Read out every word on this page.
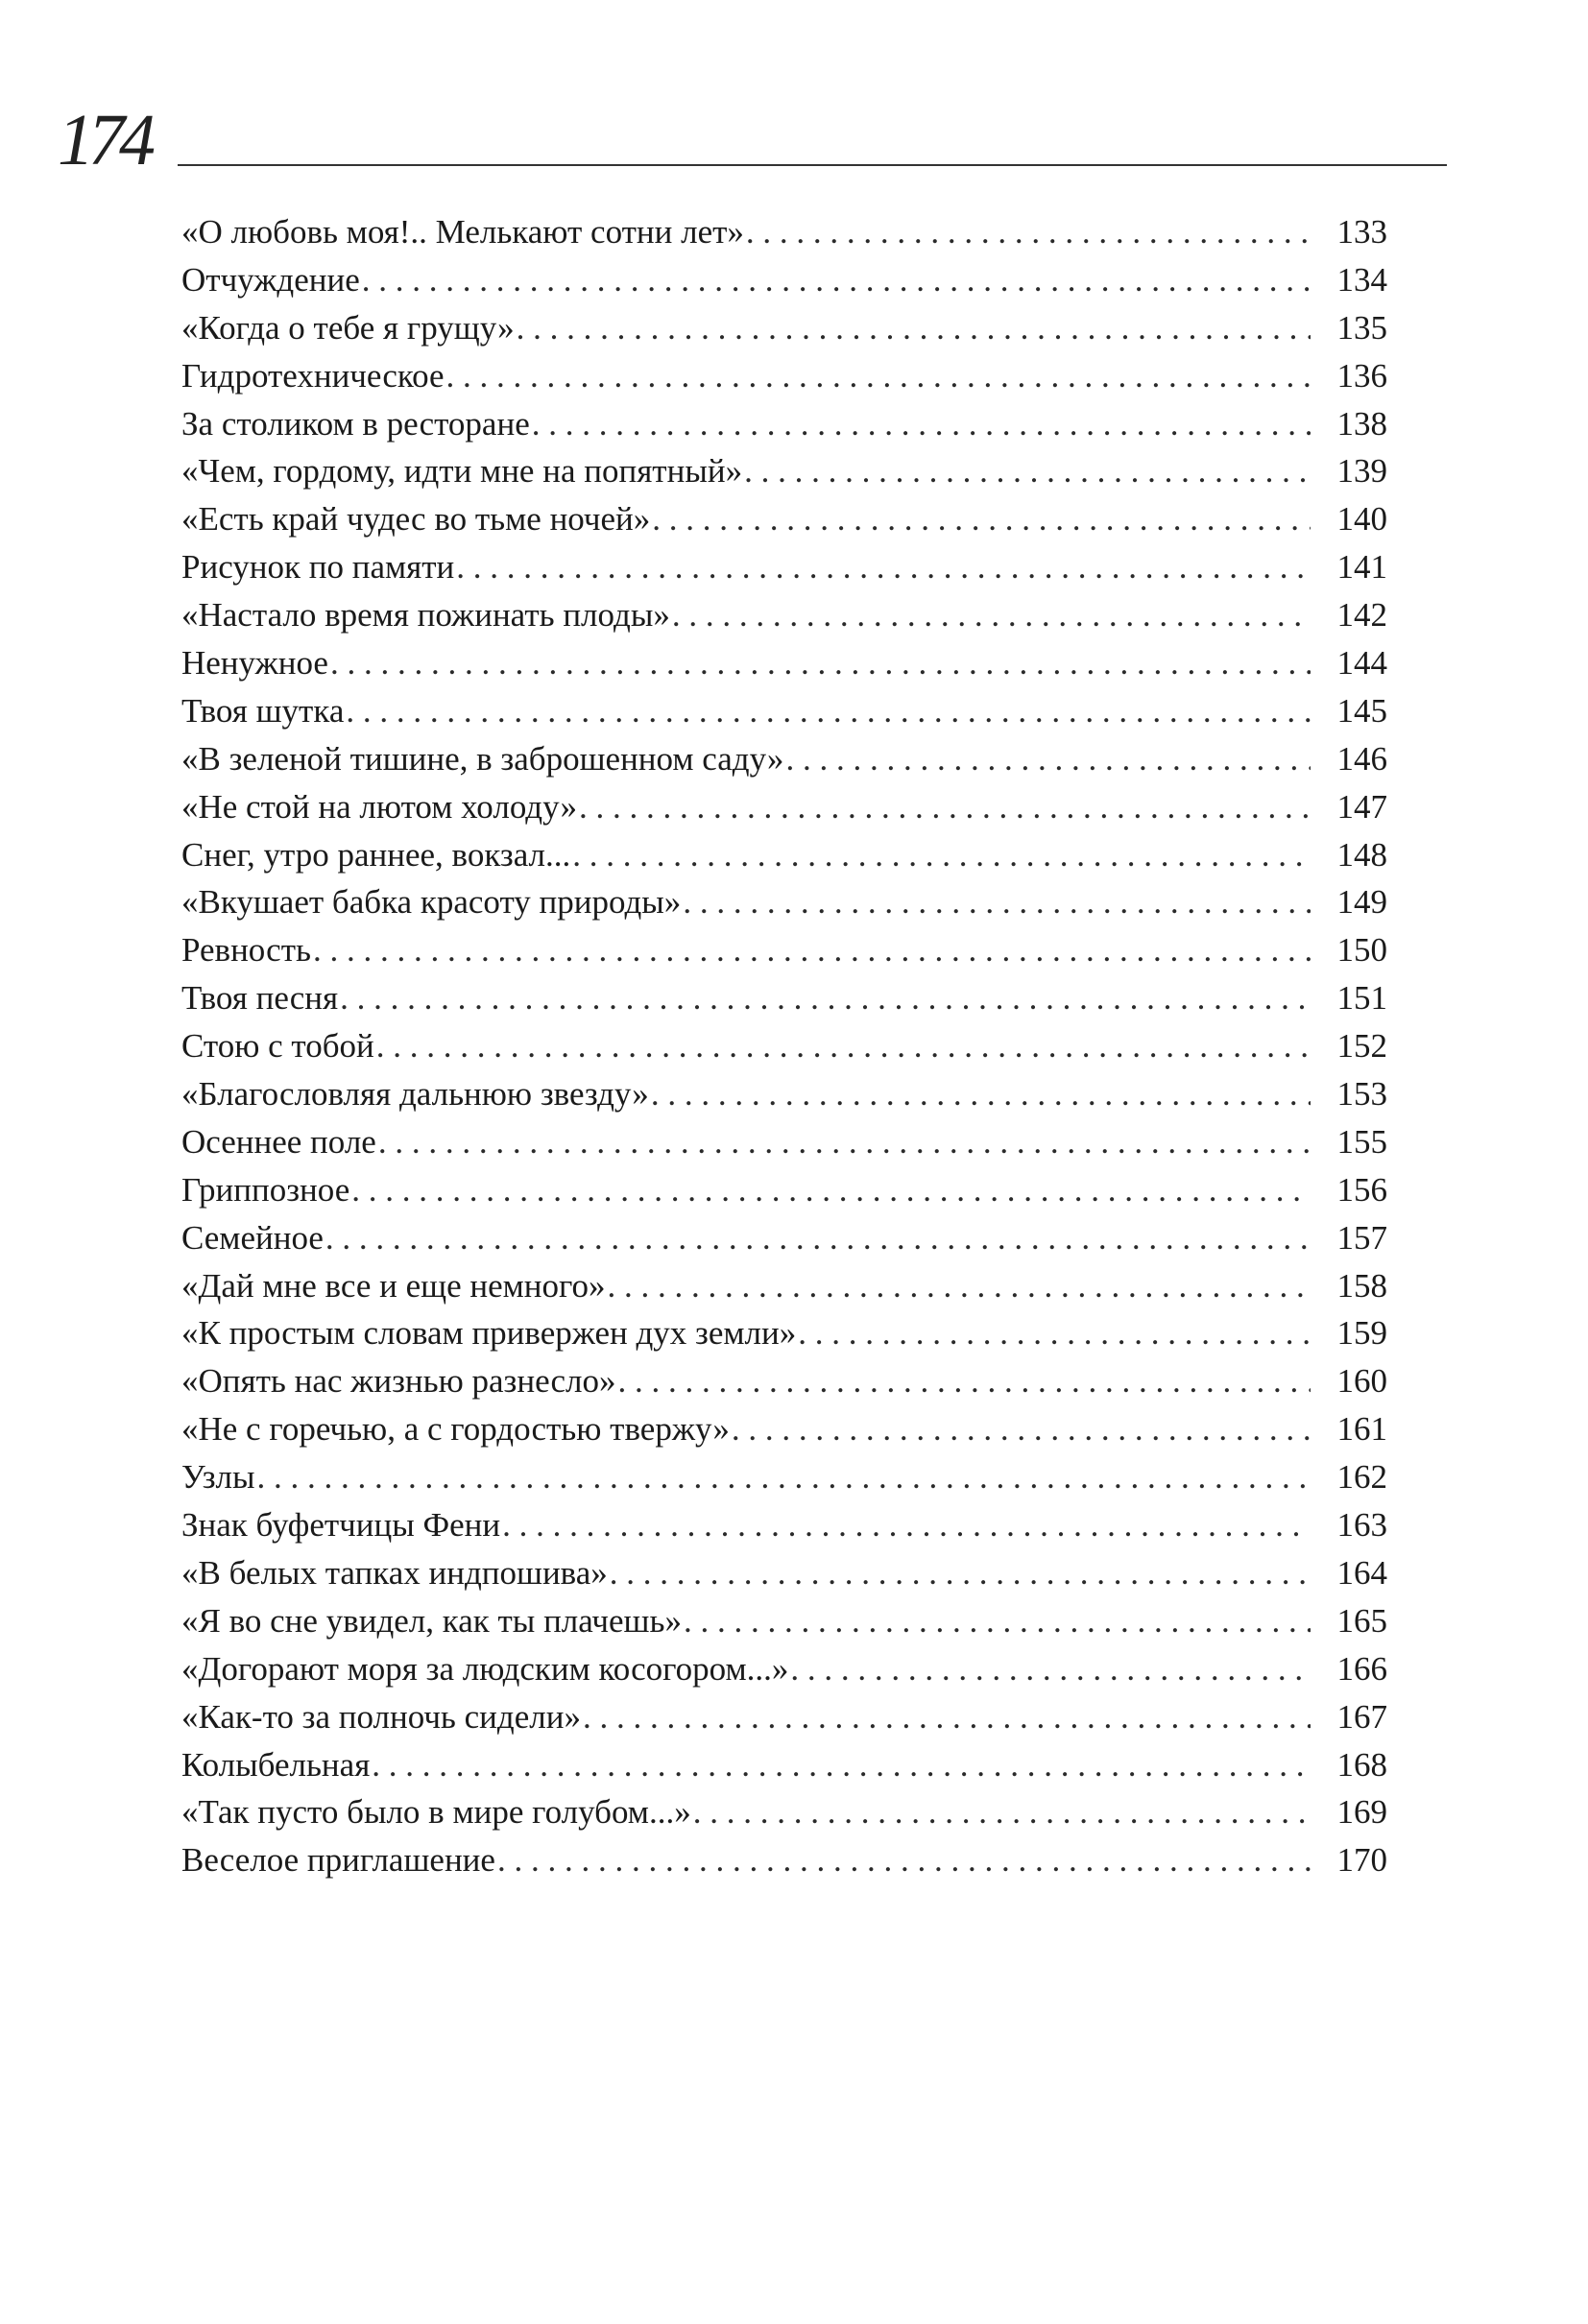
174
«О любовь моя!.. Мелькают сотни лет» . . .	133
Отчуждение . . .	134
«Когда о тебе я грущу» . . .	135
Гидротехническое . . .	136
За столиком в ресторане . . .	138
«Чем, гордому, идти мне на попятный» . . .	139
«Есть край чудес во тьме ночей» . . .	140
Рисунок по памяти . . .	141
«Настало время пожинать плоды» . . .	142
Ненужное . . .	144
Твоя шутка . . .	145
«В зеленой тишине, в заброшенном саду» . . .	146
«Не стой на лютом холоду» . . .	147
Снег, утро раннее, вокзал... . . .	148
«Вкушает бабка красоту природы» . . .	149
Ревность . . .	150
Твоя песня . . .	151
Стою с тобой . . .	152
«Благословляя дальнюю звезду» . . .	153
Осеннее поле . . .	155
Гриппозное . . .	156
Семейное . . .	157
«Дай мне все и еще немного» . . .	158
«К простым словам привержен дух земли» . . .	159
«Опять нас жизнью разнесло» . . .	160
«Не с горечью, а с гордостью твержу» . . .	161
Узлы . . .	162
Знак буфетчицы Фени . . .	163
«В белых тапках индпошива» . . .	164
«Я во сне увидел, как ты плачешь» . . .	165
«Догорают моря за людским косогором...» . . .	166
«Как-то за полночь сидели» . . .	167
Колыбельная . . .	168
«Так пусто было в мире голубом...» . . .	169
Веселое приглашение . . .	170
